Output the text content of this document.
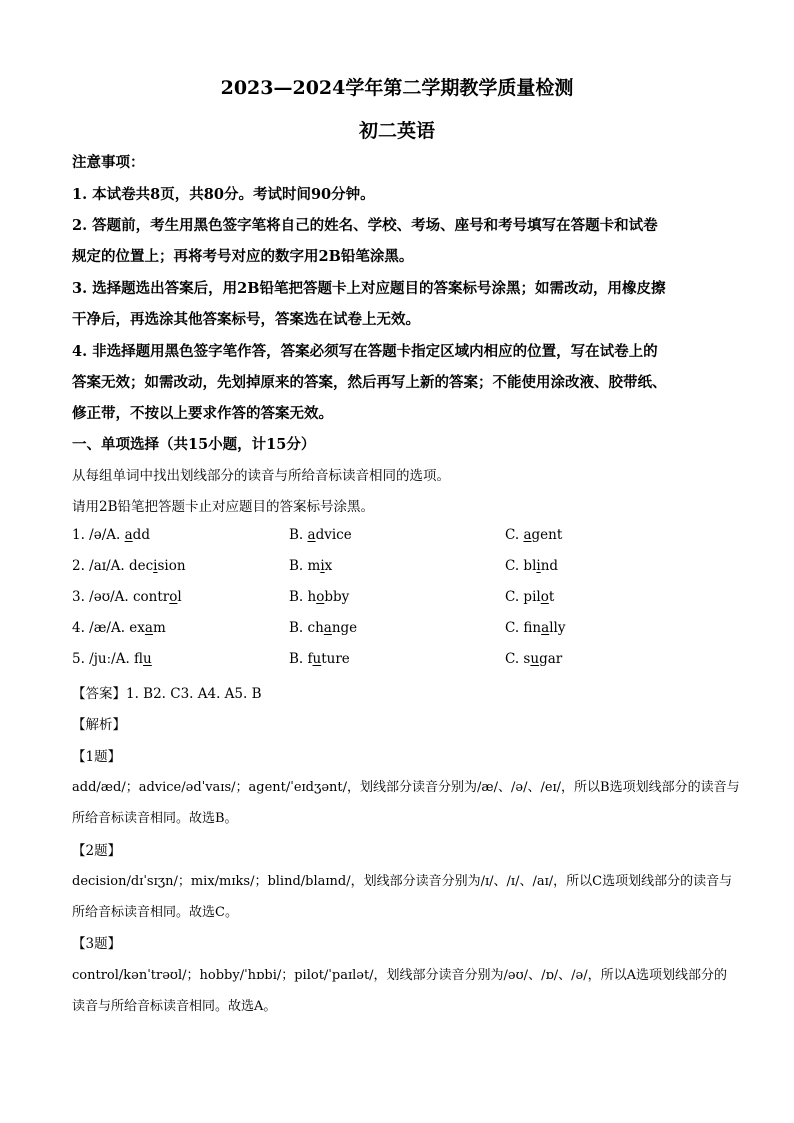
2023—2024学年第二学期教学质量检测
初二英语
注意事项：
1. 本试卷共8页，共80分。考试时间90分钟。
2. 答题前，考生用黑色签字笔将自己的姓名、学校、考场、座号和考号填写在答题卡和试卷
规定的位置上；再将考号对应的数字用2B铅笔涂黑。
3. 选择题选出答案后，用2B铅笔把答题卡上对应题目的答案标号涂黑；如需改动，用橡皮擦
干净后，再选涂其他答案标号，答案选在试卷上无效。
4. 非选择题用黑色签字笔作答，答案必须写在答题卡指定区域内相应的位置，写在试卷上的
答案无效；如需改动，先划掉原来的答案，然后再写上新的答案；不能使用涂改液、胶带纸、
修正带，不按以上要求作答的答案无效。
一、单项选择（共15小题，计15分）
从每组单词中找出划线部分的读音与所给音标读音相同的选项。
请用2B铅笔把答题卡止对应题目的答案标号涂黑。
1. /ə/A. add	B. advice	C. agent
2. /aɪ/A. decision	B. mix	C. blind
3. /əʊ/A. control	B. hobby	C. pilot
4. /æ/A. exam	B. change	C. finally
5. /juː/A. flu	B. future	C. sugar
【答案】1. B2. C3. A4. A5. B
【解析】
【1题】
add/æd/；advice/ədˈvaɪs/；agent/ˈeɪdʒənt/，划线部分读音分别为/æ/、/ə/、/eɪ/，所以B选项划线部分的读音与
所给音标读音相同。故选B。
【2题】
decision/dɪˈsɪʒn/；mix/mɪks/；blind/blaɪnd/，划线部分读音分别为/ɪ/、/ɪ/、/aɪ/，所以C选项划线部分的读音与
所给音标读音相同。故选C。
【3题】
control/kənˈtrəʊl/；hobby/ˈhɒbi/；pilot/ˈpaɪlət/，划线部分读音分别为/əʊ/、/ɒ/、/ə/，所以A选项划线部分的
读音与所给音标读音相同。故选A。
